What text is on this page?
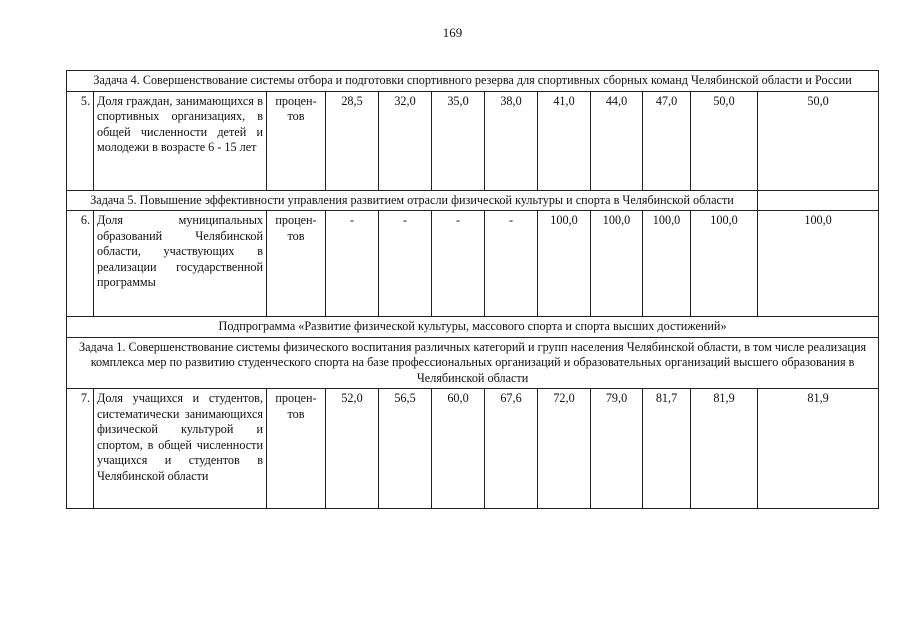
169
Задача 4. Совершенствование системы отбора и подготовки спортивного резерва для спортивных сборных команд Челябинской области и России											
5.	Доля граждан, занимающихся в спортивных организациях, в общей численности детей и молодежи в возрасте 6 - 15 лет	процен-тов	28,5	32,0	35,0	38,0	41,0	44,0	47,0	50,0	50,0
Задача 5. Повышение эффективности управления развитием отрасли физической культуры и спорта в Челябинской области											
6.	Доля муниципальных образований Челябинской области, участвующих в реализации государственной программы	процен-тов	-	-	-	-	100,0	100,0	100,0	100,0	100,0
Подпрограмма «Развитие физической культуры, массового спорта и спорта высших достижений»											
Задача 1. Совершенствование системы физического воспитания различных категорий и групп населения Челябинской области, в том числе реализация комплекса мер по развитию студенческого спорта на базе профессиональных организаций и образовательных организаций высшего образования в Челябинской области											
7.	Доля учащихся и студентов, систематически занимающихся физической культурой и спортом, в общей численности учащихся и студентов в Челябинской области	процен-тов	52,0	56,5	60,0	67,6	72,0	79,0	81,7	81,9	81,9
